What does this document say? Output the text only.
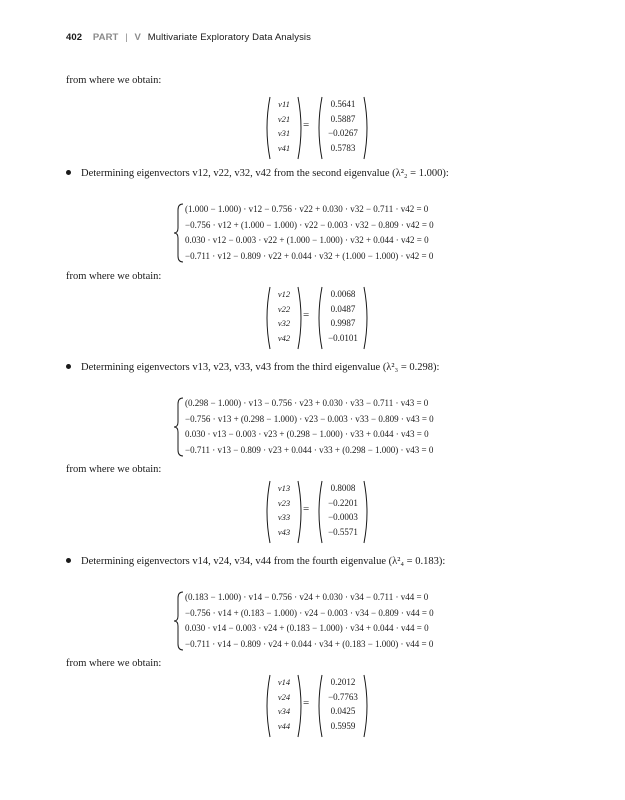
402 PART | V Multivariate Exploratory Data Analysis
from where we obtain:
v11
v21
v31
v41
=
0.5641
0.5887
−0.0267
0.5783
Determining eigenvectors v12, v22, v32, v42 from the second eigenvalue (λ²₂ = 1.000):
(1.000 − 1.000) · v12 − 0.756 · v22 + 0.030 · v32 − 0.711 · v42 = 0
−0.756 · v12 + (1.000 − 1.000) · v22 − 0.003 · v32 − 0.809 · v42 = 0
0.030 · v12 − 0.003 · v22 + (1.000 − 1.000) · v32 + 0.044 · v42 = 0
−0.711 · v12 − 0.809 · v22 + 0.044 · v32 + (1.000 − 1.000) · v42 = 0
from where we obtain:
v12
v22
v32
v42
=
0.0068
0.0487
0.9987
−0.0101
Determining eigenvectors v13, v23, v33, v43 from the third eigenvalue (λ²₃ = 0.298):
(0.298 − 1.000) · v13 − 0.756 · v23 + 0.030 · v33 − 0.711 · v43 = 0
−0.756 · v13 + (0.298 − 1.000) · v23 − 0.003 · v33 − 0.809 · v43 = 0
0.030 · v13 − 0.003 · v23 + (0.298 − 1.000) · v33 + 0.044 · v43 = 0
−0.711 · v13 − 0.809 · v23 + 0.044 · v33 + (0.298 − 1.000) · v43 = 0
from where we obtain:
v13
v23
v33
v43
=
0.8008
−0.2201
−0.0003
−0.5571
Determining eigenvectors v14, v24, v34, v44 from the fourth eigenvalue (λ²₄ = 0.183):
(0.183 − 1.000) · v14 − 0.756 · v24 + 0.030 · v34 − 0.711 · v44 = 0
−0.756 · v14 + (0.183 − 1.000) · v24 − 0.003 · v34 − 0.809 · v44 = 0
0.030 · v14 − 0.003 · v24 + (0.183 − 1.000) · v34 + 0.044 · v44 = 0
−0.711 · v14 − 0.809 · v24 + 0.044 · v34 + (0.183 − 1.000) · v44 = 0
from where we obtain:
v14
v24
v34
v44
=
0.2012
−0.7763
0.0425
0.5959
